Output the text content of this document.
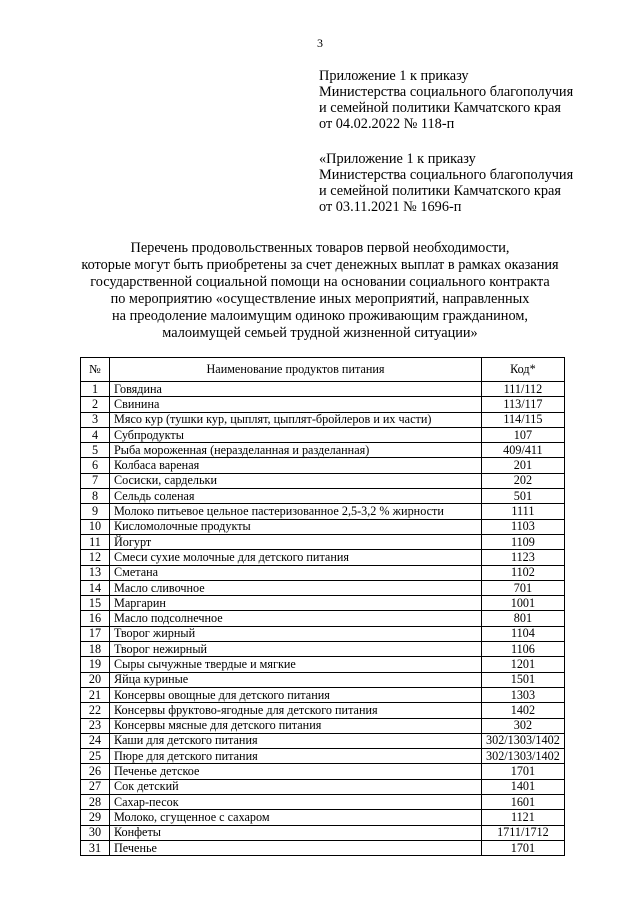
3
Приложение 1 к приказу
Министерства социального благополучия
и семейной политики Камчатского края
от 04.02.2022 № 118-п
«Приложение 1 к приказу
Министерства социального благополучия
и семейной политики Камчатского края
от 03.11.2021 № 1696-п
Перечень продовольственных товаров первой необходимости,
которые могут быть приобретены за счет денежных выплат в рамках оказания
государственной социальной помощи на основании социального контракта
по мероприятию «осуществление иных мероприятий, направленных
на преодоление малоимущим одиноко проживающим гражданином,
малоимущей семьей трудной жизненной ситуации»
№	Наименование продуктов питания	Код*
1	Говядина	111/112
2	Свинина	113/117
3	Мясо кур (тушки кур, цыплят, цыплят-бройлеров и их части)	114/115
4	Субпродукты	107
5	Рыба мороженная (неразделанная и разделанная)	409/411
6	Колбаса вареная	201
7	Сосиски, сардельки	202
8	Сельдь соленая	501
9	Молоко питьевое цельное пастеризованное 2,5-3,2 % жирности	1111
10	Кисломолочные продукты	1103
11	Йогурт	1109
12	Смеси сухие молочные для детского питания	1123
13	Сметана	1102
14	Масло сливочное	701
15	Маргарин	1001
16	Масло подсолнечное	801
17	Творог жирный	1104
18	Творог нежирный	1106
19	Сыры сычужные твердые и мягкие	1201
20	Яйца куриные	1501
21	Консервы овощные для детского питания	1303
22	Консервы фруктово-ягодные для детского питания	1402
23	Консервы мясные для детского питания	302
24	Каши для детского питания	302/1303/1402
25	Пюре для детского питания	302/1303/1402
26	Печенье детское	1701
27	Сок детский	1401
28	Сахар-песок	1601
29	Молоко, сгущенное с сахаром	1121
30	Конфеты	1711/1712
31	Печенье	1701
